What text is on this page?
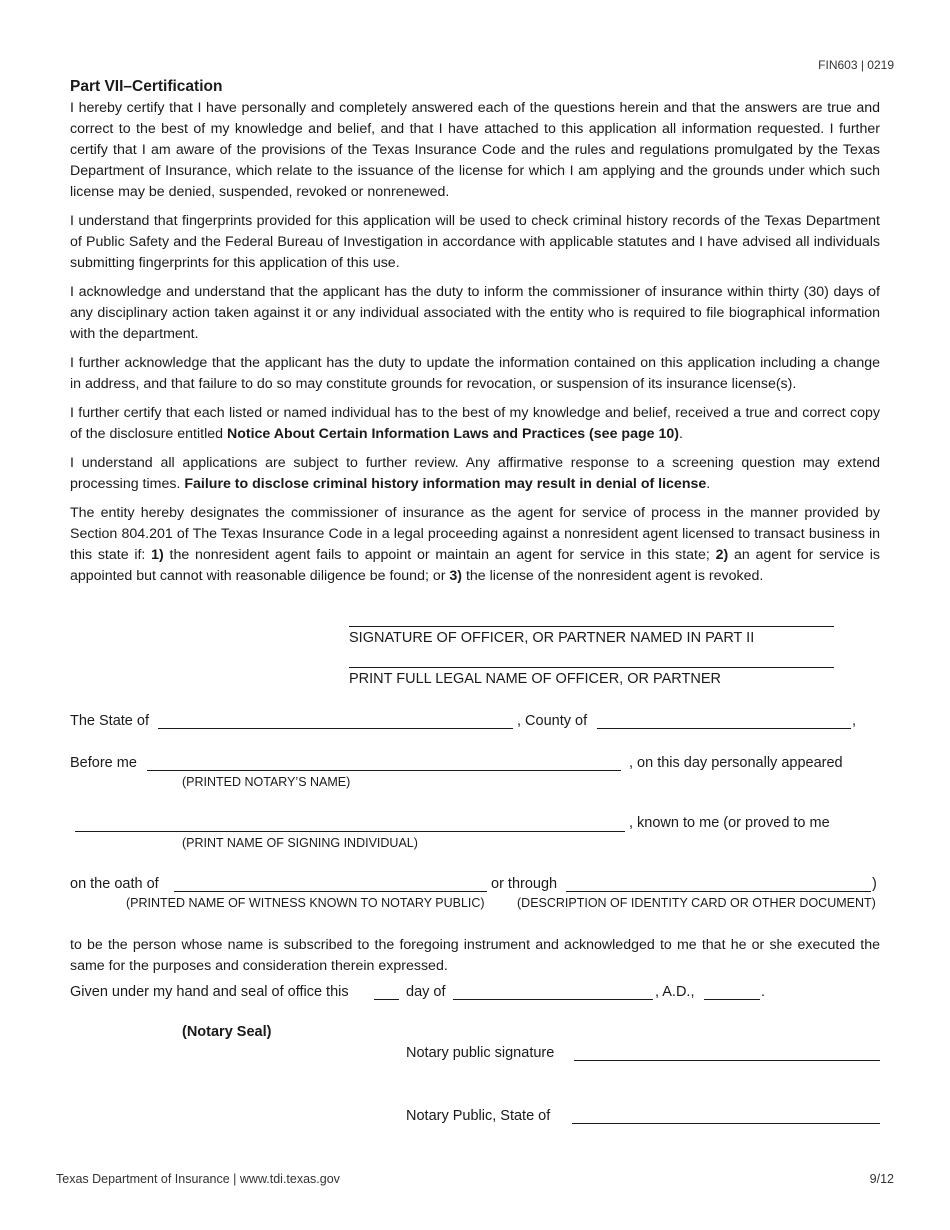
FIN603 | 0219
Part VII–Certification

I hereby certify that I have personally and completely answered each of the questions herein and that the answers are true and correct to the best of my knowledge and belief, and that I have attached to this application all information requested. I further certify that I am aware of the provisions of the Texas Insurance Code and the rules and regulations promulgated by the Texas Department of Insurance, which relate to the issuance of the license for which I am applying and the grounds under which such license may be denied, suspended, revoked or nonrenewed.

I understand that fingerprints provided for this application will be used to check criminal history records of the Texas Department of Public Safety and the Federal Bureau of Investigation in accordance with applicable statutes and I have advised all individuals submitting fingerprints for this application of this use.

I acknowledge and understand that the applicant has the duty to inform the commissioner of insurance within thirty (30) days of any disciplinary action taken against it or any individual associated with the entity who is required to file biographical information with the department.

I further acknowledge that the applicant has the duty to update the information contained on this application including a change in address, and that failure to do so may constitute grounds for revocation, or suspension of its insurance license(s).

I further certify that each listed or named individual has to the best of my knowledge and belief, received a true and correct copy of the disclosure entitled Notice About Certain Information Laws and Practices (see page 10).

I understand all applications are subject to further review. Any affirmative response to a screening question may extend processing times. Failure to disclose criminal history information may result in denial of license.

The entity hereby designates the commissioner of insurance as the agent for service of process in the manner provided by Section 804.201 of The Texas Insurance Code in a legal proceeding against a nonresident agent licensed to transact business in this state if: 1) the nonresident agent fails to appoint or maintain an agent for service in this state; 2) an agent for service is appointed but cannot with reasonable diligence be found; or 3) the license of the nonresident agent is revoked.

SIGNATURE OF OFFICER, OR PARTNER NAMED IN PART II
PRINT FULL LEGAL NAME OF OFFICER, OR PARTNER
The State of	, County of	,
Before me	, on this day personally appeared
(PRINTED NOTARY’S NAME)
, known to me (or proved to me
(PRINT NAME OF SIGNING INDIVIDUAL)
on the oath of	or through	)
(PRINTED NAME OF WITNESS KNOWN TO NOTARY PUBLIC)	(DESCRIPTION OF IDENTITY CARD OR OTHER DOCUMENT)
to be the person whose name is subscribed to the foregoing instrument and acknowledged to me that he or she executed the same for the purposes and consideration therein expressed.
Given under my hand and seal of office this	day of	, A.D.,	.
(Notary Seal)
Notary public signature
Notary Public, State of
Texas Department of Insurance | www.tdi.texas.gov	9/12
